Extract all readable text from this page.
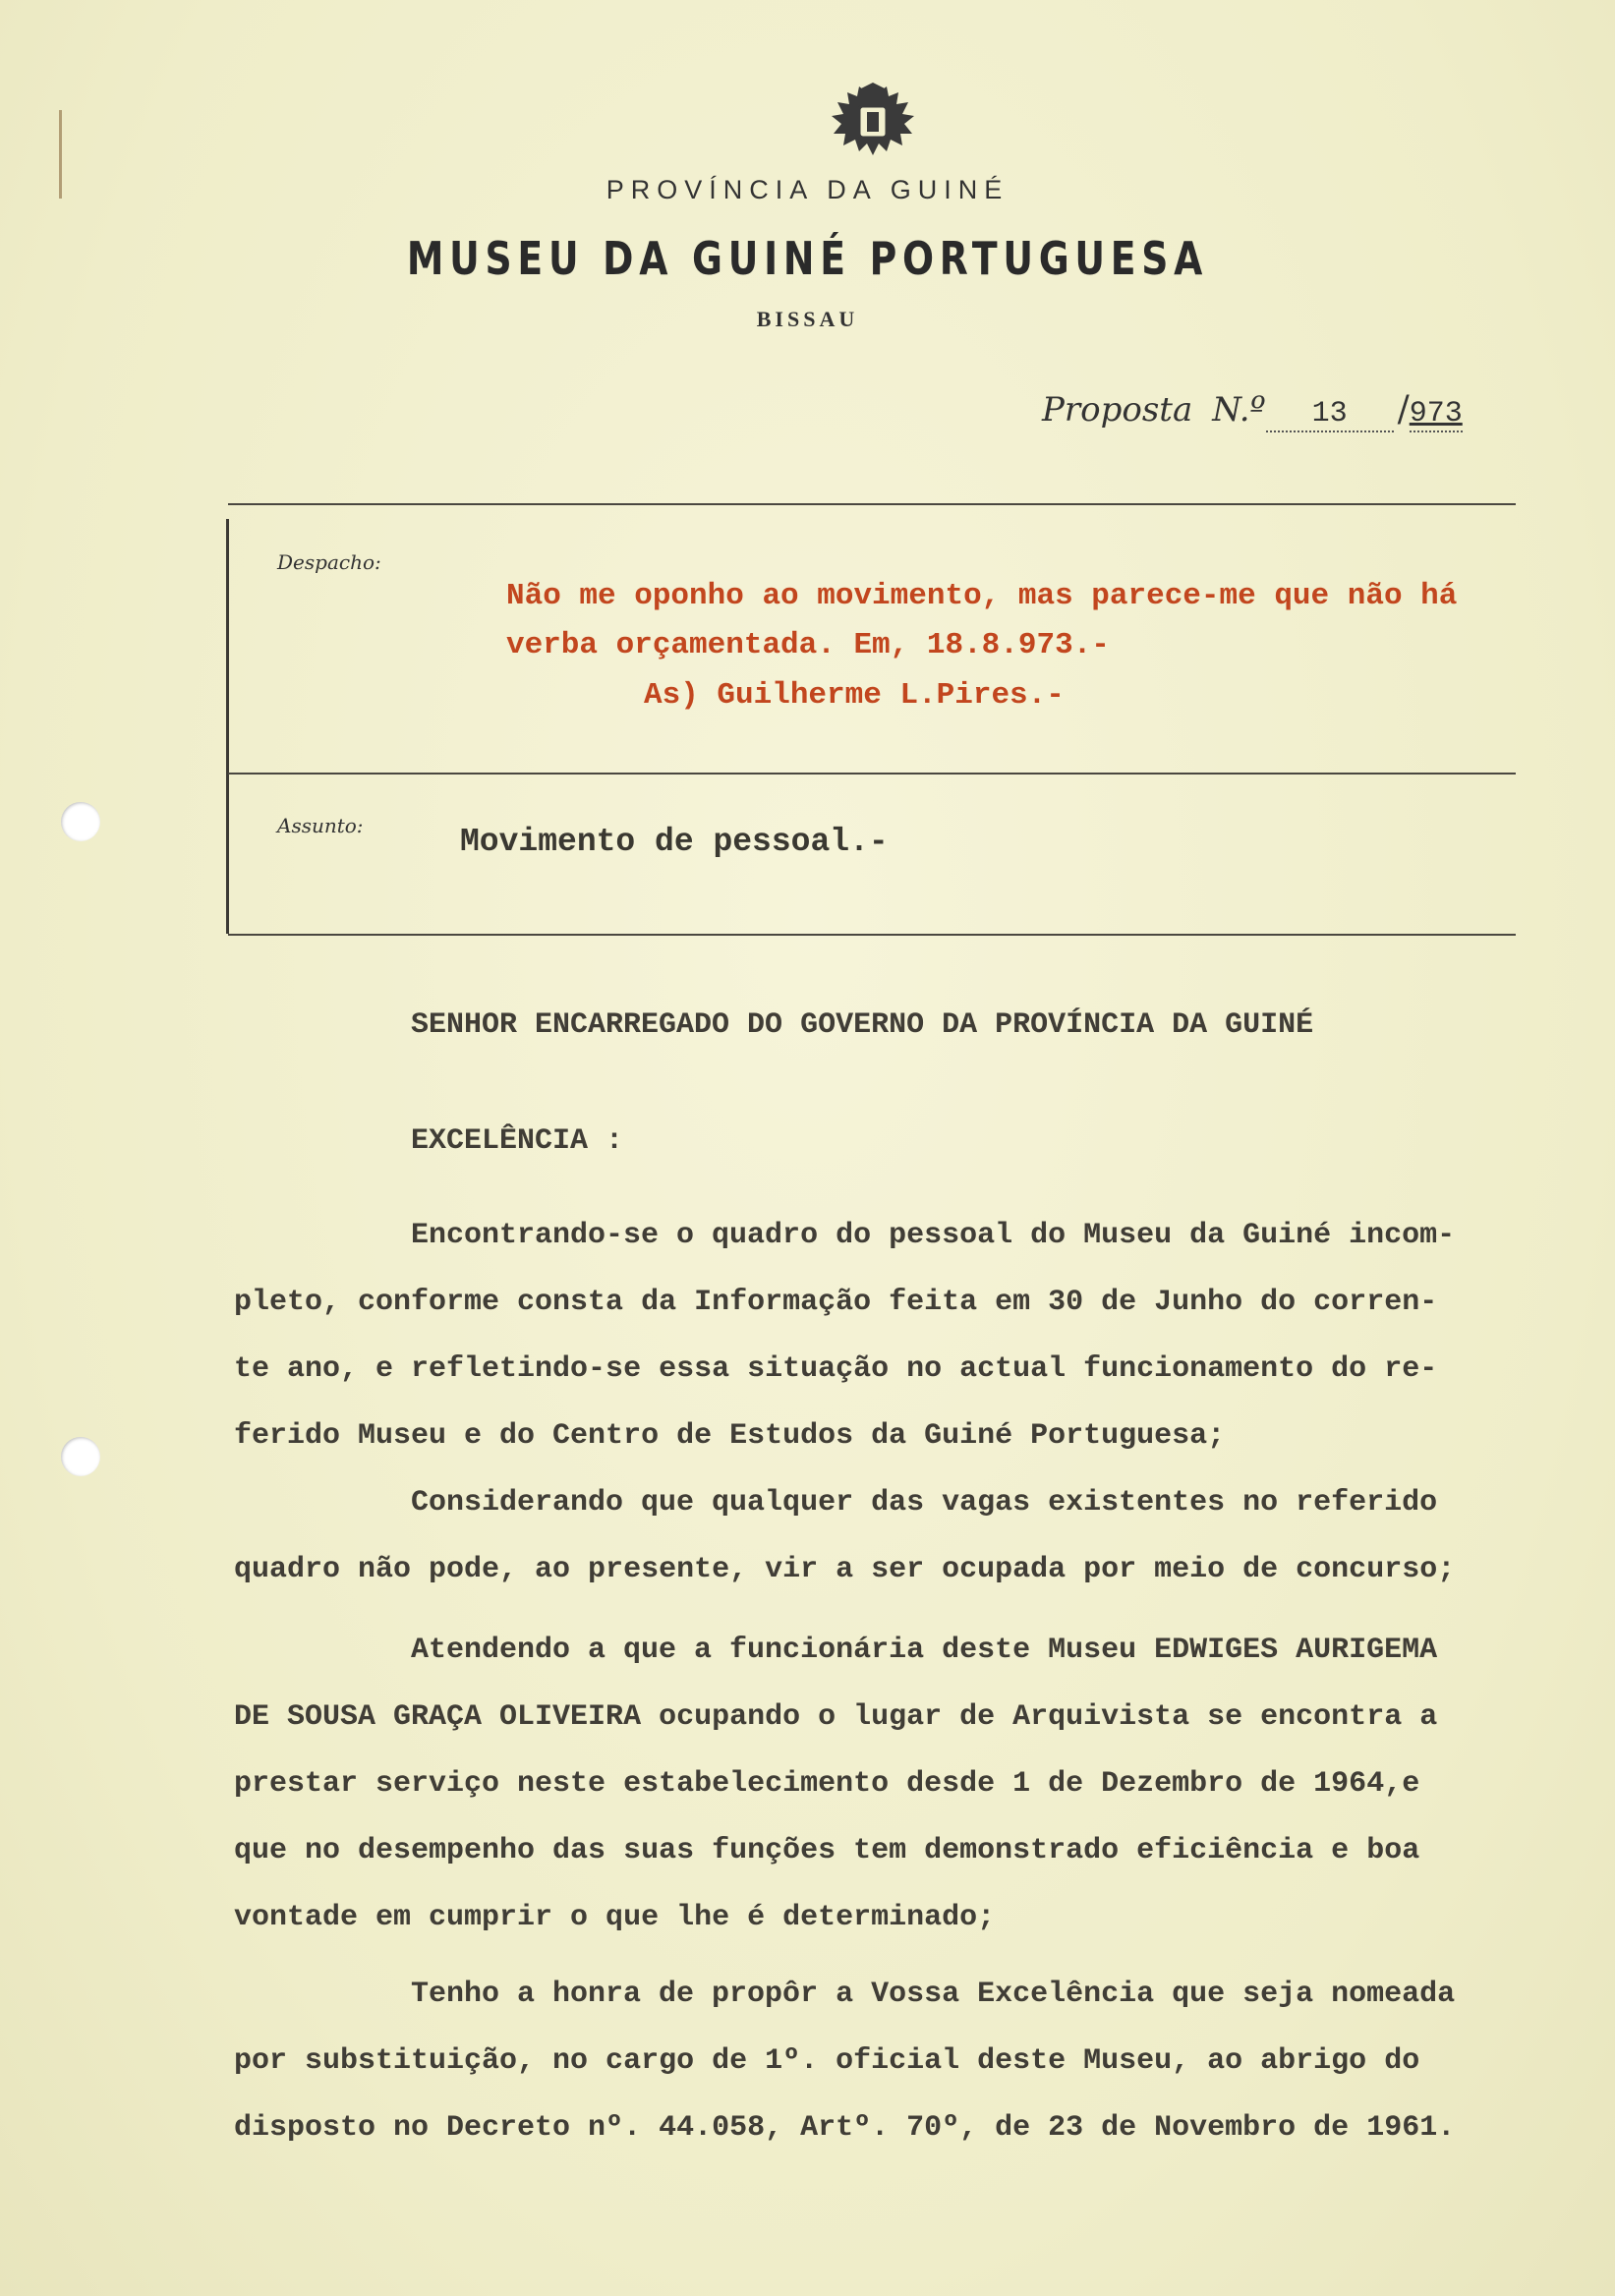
PROVÍNCIA DA GUINÉ
MUSEU DA GUINÉ PORTUGUESA
BISSAU
Proposta N.º 13 /973
Despacho:
Não me oponho ao movimento, mas parece-me que não há
verba orçamentada. Em, 18.8.973.-
As) Guilherme L.Pires.-
Assunto:	Movimento de pessoal.-
SENHOR ENCARREGADO DO GOVERNO DA PROVÍNCIA DA GUINÉ
EXCELÊNCIA :
Encontrando-se o quadro do pessoal do Museu da Guiné incom-
pleto, conforme consta da Informação feita em 30 de Junho do corren-
te ano, e refletindo-se essa situação no actual funcionamento do re-
ferido Museu e do Centro de Estudos da Guiné Portuguesa;
Considerando que qualquer das vagas existentes no referido
quadro não pode, ao presente, vir a ser ocupada por meio de concurso;
Atendendo a que a funcionária deste Museu EDWIGES AURIGEMA
DE SOUSA GRAÇA OLIVEIRA ocupando o lugar de Arquivista se encontra a
prestar serviço neste estabelecimento desde 1 de Dezembro de 1964,e
que no desempenho das suas funções tem demonstrado eficiência e boa
vontade em cumprir o que lhe é determinado;
Tenho a honra de propôr a Vossa Excelência que seja nomeada
por substituição, no cargo de 1º. oficial deste Museu, ao abrigo do
disposto no Decreto nº. 44.058, Artº. 70º, de 23 de Novembro de 1961.
